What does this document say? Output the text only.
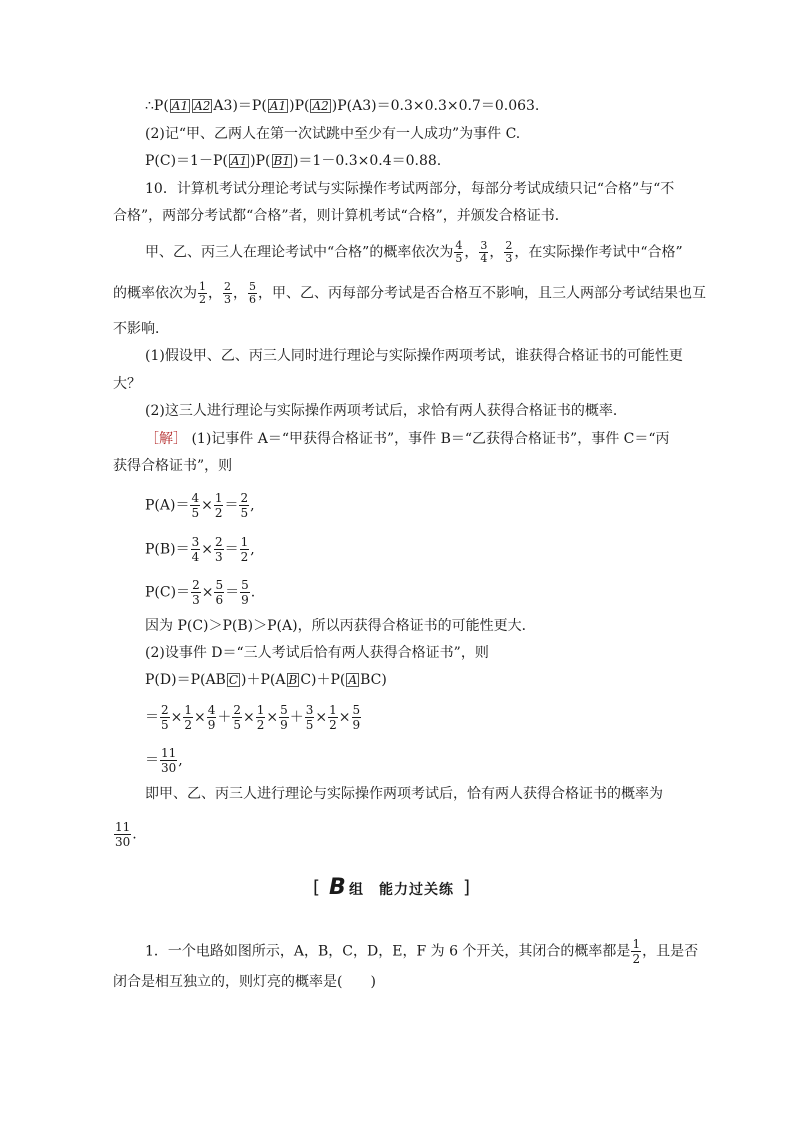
∴P( A1 A2 A3)＝P( A1 )P( A2 )P(A3)＝0.3×0.3×0.7＝0.063.
(2)记“甲、乙两人在第一次试跳中至少有一人成功”为事件 C.
P(C)＝1－P( A1 )P( B1 )＝1－0.3×0.4＝0.88.
10．计算机考试分理论考试与实际操作考试两部分，每部分考试成绩只记“合格”与“不
合格”，两部分考试都“合格”者，则计算机考试“合格”，并颁发合格证书．
甲、乙、丙三人在理论考试中“合格”的概率依次为 $\frac{4}{5}$ ， $\frac{3}{4}$ ， $\frac{2}{3}$ ，在实际操作考试中“合格”
的概率依次为 $\frac{1}{2}$ ， $\frac{2}{3}$ ， $\frac{5}{6}$ ，甲、乙、丙每部分考试是否合格互不影响，且三人两部分考试结果也互
不影响．
(1)假设甲、乙、丙三人同时进行理论与实际操作两项考试，谁获得合格证书的可能性更
大？
(2)这三人进行理论与实际操作两项考试后，求恰有两人获得合格证书的概率．
［解］ (1)记事件 A＝“甲获得合格证书”，事件 B＝“乙获得合格证书”，事件 C＝“丙
获得合格证书”，则
$P(A)= \frac{4}{5} \times \frac{1}{2} = \frac{2}{5}$ ,
$P(B)= \frac{3}{4} \times \frac{2}{3} = \frac{1}{2}$ ,
$P(C)= \frac{2}{3} \times \frac{5}{6} = \frac{5}{9}$ .
因为 P(C)＞P(B)＞P(A)，所以丙获得合格证书的可能性更大．
(2)设事件 D＝“三人考试后恰有两人获得合格证书”，则
P(D)＝P(AB C )＋P(A B C)＋P( A BC)
＝ $\frac{2}{5} \times \frac{1}{2} \times \frac{4}{9} + \frac{2}{5} \times \frac{1}{2} \times \frac{5}{9} + \frac{3}{5} \times \frac{1}{2} \times \frac{5}{9}$
＝ $\frac{11}{30}$ ,
即甲、乙、丙三人进行理论与实际操作两项考试后，恰有两人获得合格证书的概率为
$\frac{11}{30}$ .
[ B 组　能力过关练 ]
1．一个电路如图所示，A，B，C，D，E，F 为 6 个开关，其闭合的概率都是 $\frac{1}{2}$ ，且是否
闭合是相互独立的，则灯亮的概率是(　　)
